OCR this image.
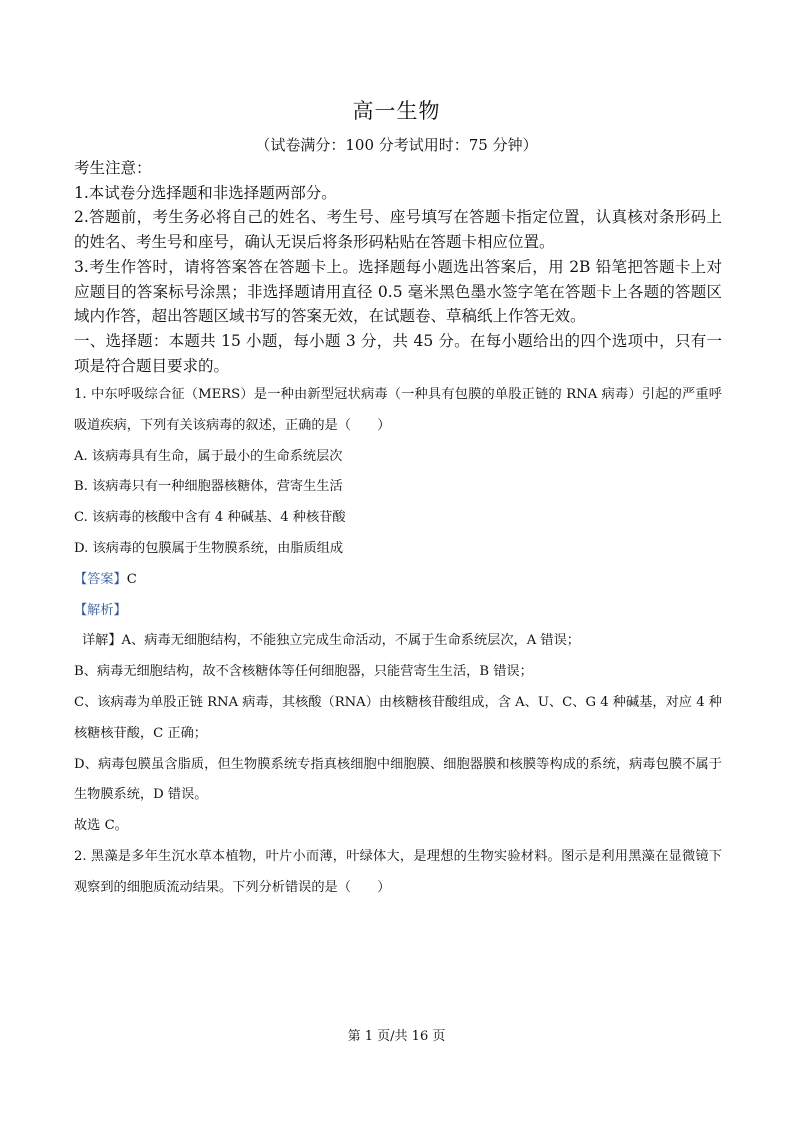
高一生物
（试卷满分：100 分考试用时：75 分钟）

考生注意：

1.本试卷分选择题和非选择题两部分。

2.答题前，考生务必将自己的姓名、考生号、座号填写在答题卡指定位置，认真核对条形码上的姓名、考生号和座号，确认无误后将条形码粘贴在答题卡相应位置。

3.考生作答时，请将答案答在答题卡上。选择题每小题选出答案后，用 2B 铅笔把答题卡上对应题目的答案标号涂黑；非选择题请用直径 0.5 毫米黑色墨水签字笔在答题卡上各题的答题区域内作答，超出答题区域书写的答案无效，在试题卷、草稿纸上作答无效。

一、选择题：本题共 15 小题，每小题 3 分，共 45 分。在每小题给出的四个选项中，只有一项是符合题目要求的。

1. 中东呼吸综合征（MERS）是一种由新型冠状病毒（一种具有包膜的单股正链的 RNA 病毒）引起的严重呼吸道疾病，下列有关该病毒的叙述，正确的是（　　）

A. 该病毒具有生命，属于最小的生命系统层次

B. 该病毒只有一种细胞器核糖体，营寄生生活

C. 该病毒的核酸中含有 4 种碱基、4 种核苷酸

D. 该病毒的包膜属于生物膜系统，由脂质组成

【答案】C

【解析】

详解】A、病毒无细胞结构，不能独立完成生命活动，不属于生命系统层次，A 错误；

B、病毒无细胞结构，故不含核糖体等任何细胞器，只能营寄生生活，B 错误；

C、该病毒为单股正链 RNA 病毒，其核酸（RNA）由核糖核苷酸组成，含 A、U、C、G 4 种碱基，对应 4 种核糖核苷酸，C 正确；

D、病毒包膜虽含脂质，但生物膜系统专指真核细胞中细胞膜、细胞器膜和核膜等构成的系统，病毒包膜不属于生物膜系统，D 错误。

故选 C。

2. 黑藻是多年生沉水草本植物，叶片小而薄，叶绿体大，是理想的生物实验材料。图示是利用黑藻在显微镜下观察到的细胞质流动结果。下列分析错误的是（　　）

第 1 页/共 16 页
